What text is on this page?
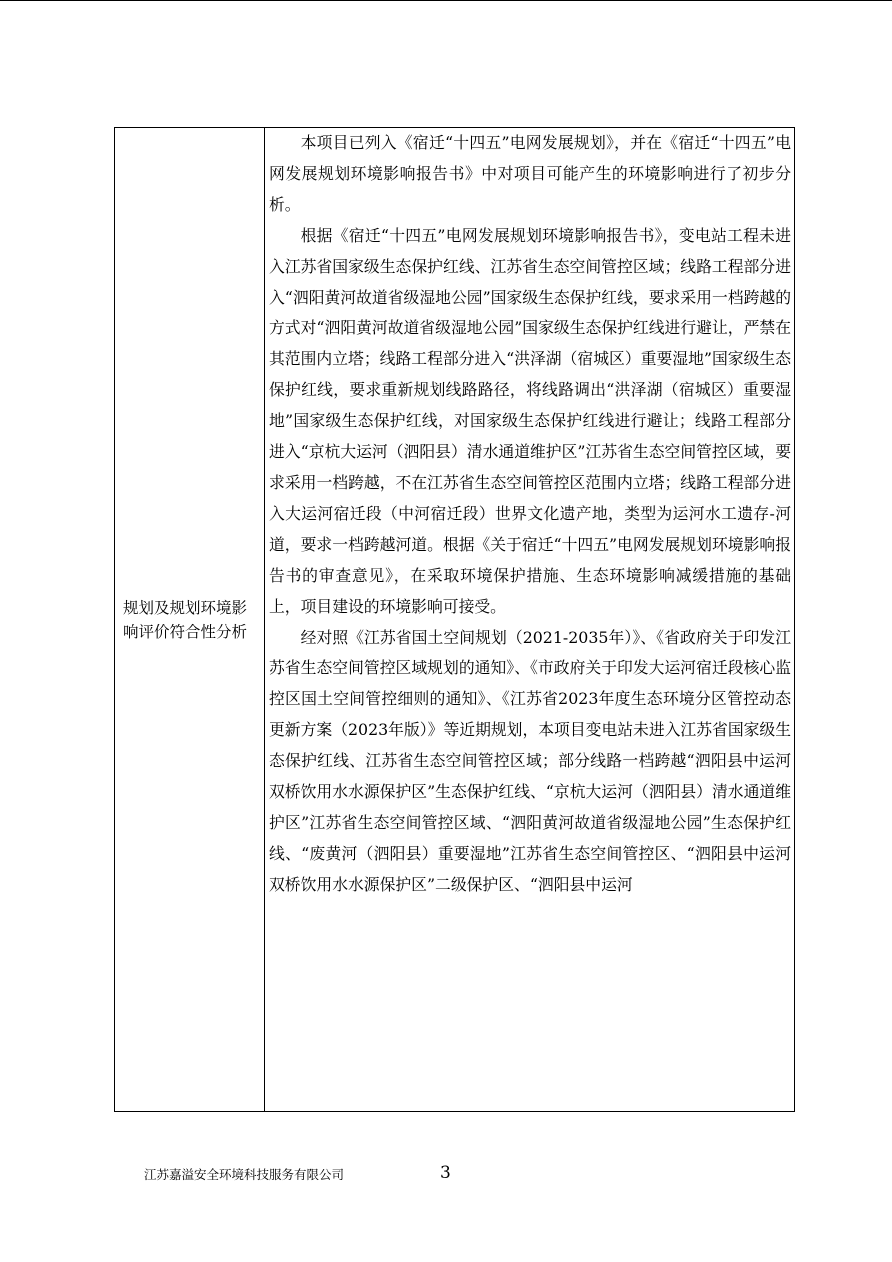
规划及规划环境影响评价符合性分析

本项目已列入《宿迁“十四五”电网发展规划》，并在《宿迁“十四五”电网发展规划环境影响报告书》中对项目可能产生的环境影响进行了初步分析。

根据《宿迁“十四五”电网发展规划环境影响报告书》，变电站工程未进入江苏省国家级生态保护红线、江苏省生态空间管控区域；线路工程部分进入“泗阳黄河故道省级湿地公园”国家级生态保护红线，要求采用一档跨越的方式对“泗阳黄河故道省级湿地公园”国家级生态保护红线进行避让，严禁在其范围内立塔；线路工程部分进入“洪泽湖（宿城区）重要湿地”国家级生态保护红线，要求重新规划线路路径，将线路调出“洪泽湖（宿城区）重要湿地”国家级生态保护红线，对国家级生态保护红线进行避让；线路工程部分进入“京杭大运河（泗阳县）清水通道维护区”江苏省生态空间管控区域，要求采用一档跨越，不在江苏省生态空间管控区范围内立塔；线路工程部分进入大运河宿迁段（中河宿迁段）世界文化遗产地，类型为运河水工遗存-河道，要求一档跨越河道。根据《关于宿迁“十四五”电网发展规划环境影响报告书的审查意见》，在采取环境保护措施、生态环境影响减缓措施的基础上，项目建设的环境影响可接受。

经对照《江苏省国土空间规划（2021-2035年）》、《省政府关于印发江苏省生态空间管控区域规划的通知》、《市政府关于印发大运河宿迁段核心监控区国土空间管控细则的通知》、《江苏省2023年度生态环境分区管控动态更新方案（2023年版）》等近期规划，本项目变电站未进入江苏省国家级生态保护红线、江苏省生态空间管控区域；部分线路一档跨越“泗阳县中运河双桥饮用水水源保护区”生态保护红线、“京杭大运河（泗阳县）清水通道维护区”江苏省生态空间管控区域、“泗阳黄河故道省级湿地公园”生态保护红线、“废黄河（泗阳县）重要湿地”江苏省生态空间管控区、“泗阳县中运河双桥饮用水水源保护区”二级保护区、“泗阳县中运河

江苏嘉溢安全环境科技服务有限公司	3
